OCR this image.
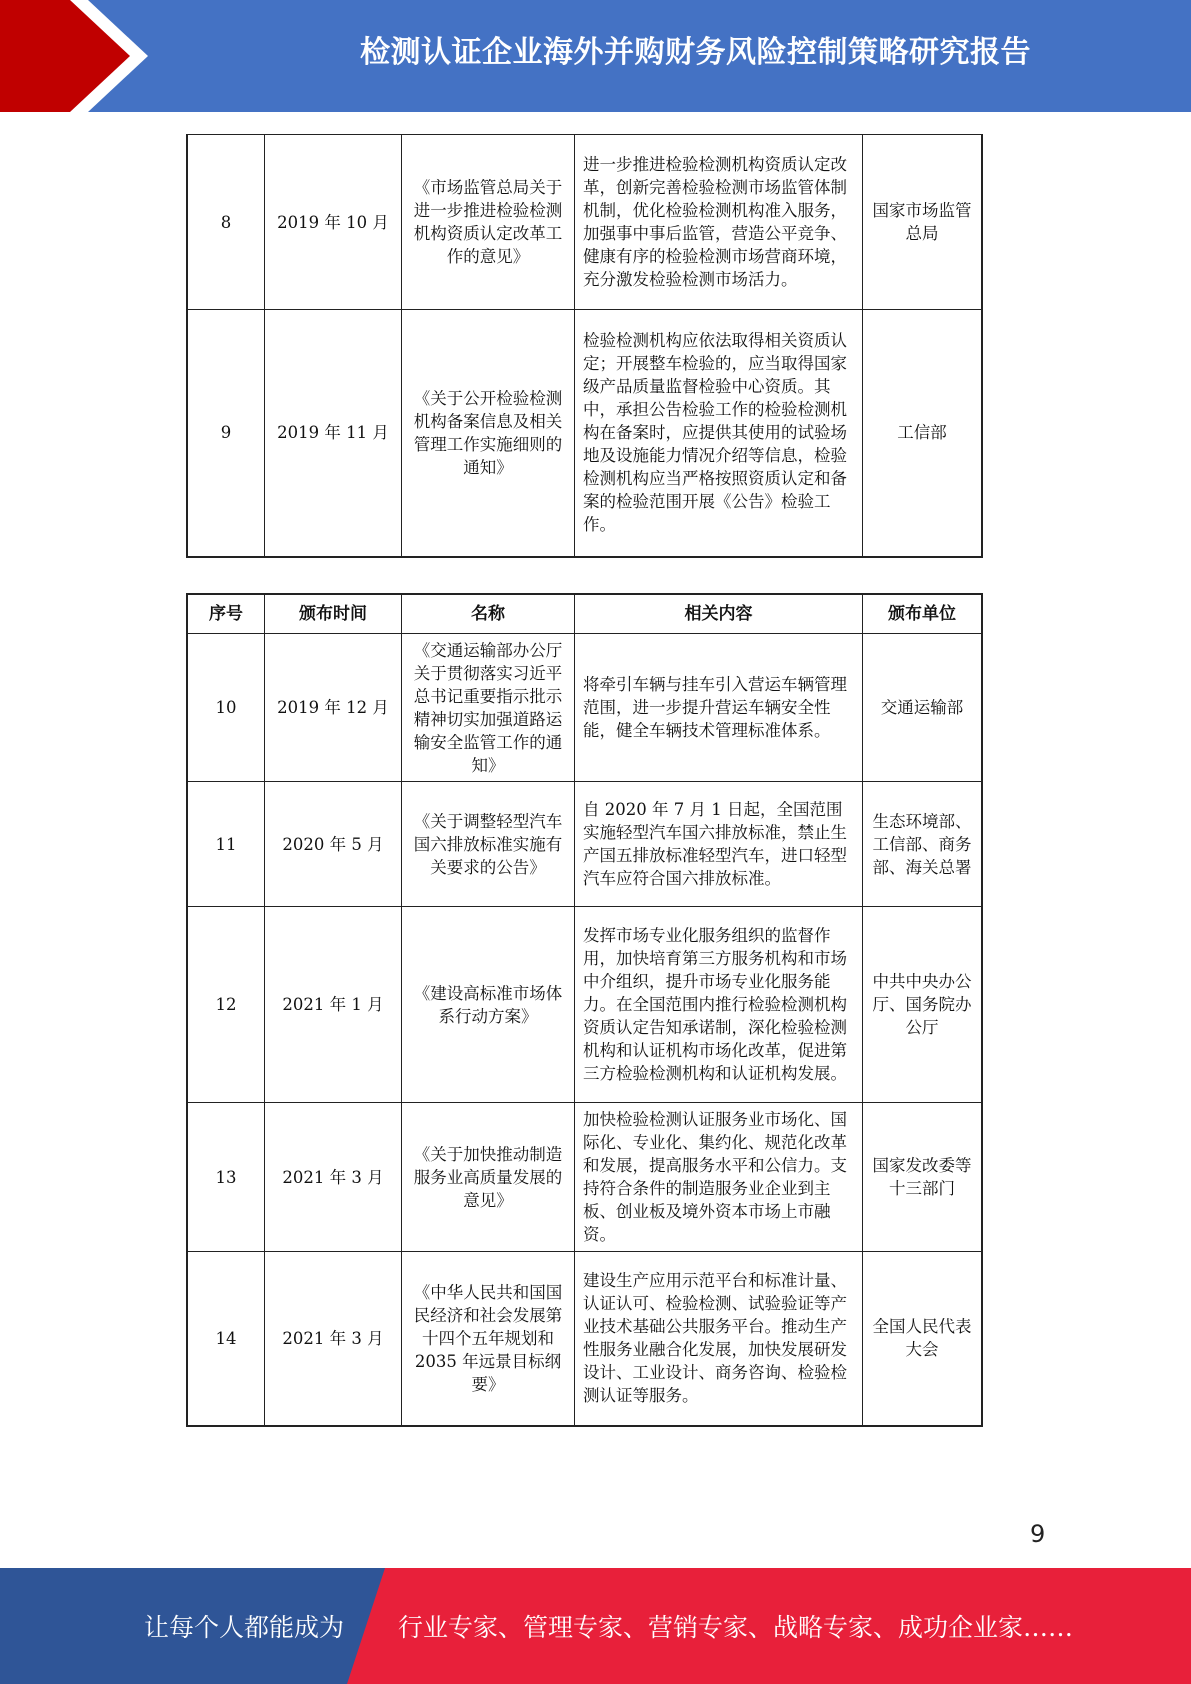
检测认证企业海外并购财务风险控制策略研究报告
8	2019 年 10 月	《市场监管总局关于进一步推进检验检测机构资质认定改革工作的意见》	进一步推进检验检测机构资质认定改革，创新完善检验检测市场监管体制机制，优化检验检测机构准入服务，加强事中事后监管，营造公平竞争、健康有序的检验检测市场营商环境，充分激发检验检测市场活力。	国家市场监管总局
9	2019 年 11 月	《关于公开检验检测机构备案信息及相关管理工作实施细则的通知》	检验检测机构应依法取得相关资质认定；开展整车检验的，应当取得国家级产品质量监督检验中心资质。其中，承担公告检验工作的检验检测机构在备案时，应提供其使用的试验场地及设施能力情况介绍等信息，检验检测机构应当严格按照资质认定和备案的检验范围开展《公告》检验工作。	工信部
序号	颁布时间	名称	相关内容	颁布单位
10	2019 年 12 月	《交通运输部办公厅关于贯彻落实习近平总书记重要指示批示精神切实加强道路运输安全监管工作的通知》	将牵引车辆与挂车引入营运车辆管理范围，进一步提升营运车辆安全性能，健全车辆技术管理标准体系。	交通运输部
11	2020 年 5 月	《关于调整轻型汽车国六排放标准实施有关要求的公告》	自 2020 年 7 月 1 日起，全国范围实施轻型汽车国六排放标准，禁止生产国五排放标准轻型汽车，进口轻型汽车应符合国六排放标准。	生态环境部、工信部、商务部、海关总署
12	2021 年 1 月	《建设高标准市场体系行动方案》	发挥市场专业化服务组织的监督作用，加快培育第三方服务机构和市场中介组织，提升市场专业化服务能力。在全国范围内推行检验检测机构资质认定告知承诺制，深化检验检测机构和认证机构市场化改革，促进第三方检验检测机构和认证机构发展。	中共中央办公厅、国务院办公厅
13	2021 年 3 月	《关于加快推动制造服务业高质量发展的意见》	加快检验检测认证服务业市场化、国际化、专业化、集约化、规范化改革和发展，提高服务水平和公信力。支持符合条件的制造服务业企业到主板、创业板及境外资本市场上市融资。	国家发改委等十三部门
14	2021 年 3 月	《中华人民共和国国民经济和社会发展第十四个五年规划和 2035 年远景目标纲要》	建设生产应用示范平台和标准计量、认证认可、检验检测、试验验证等产业技术基础公共服务平台。推动生产性服务业融合化发展，加快发展研发设计、工业设计、商务咨询、检验检测认证等服务。	全国人民代表大会
9
让每个人都能成为 行业专家、管理专家、营销专家、战略专家、成功企业家……
